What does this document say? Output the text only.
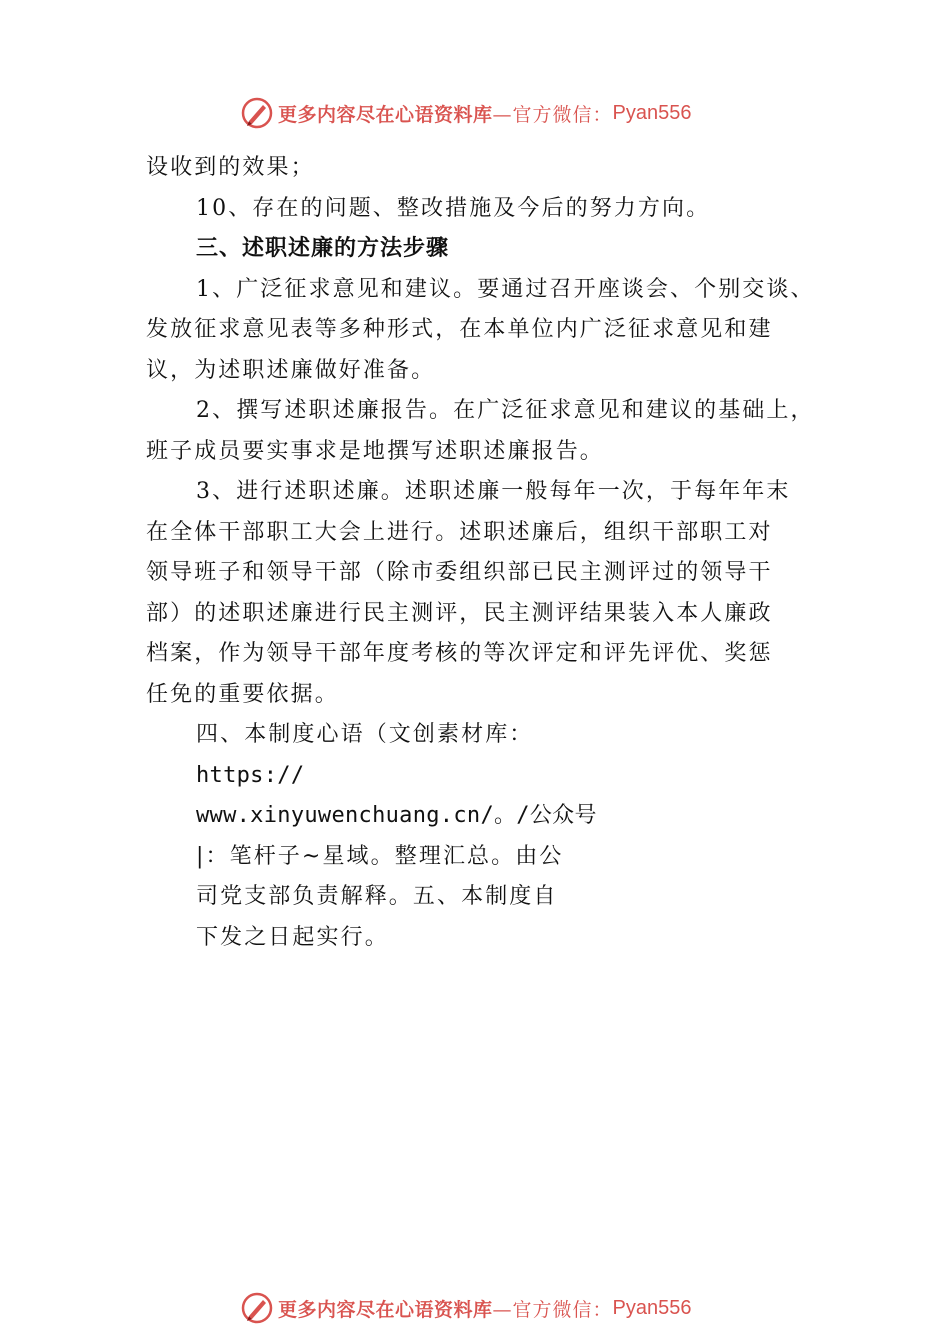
更多内容尽在心语资料库 —官方微信： Pyan556
设收到的效果；
10、存在的问题、整改措施及今后的努力方向。
三、述职述廉的方法步骤
1、广泛征求意见和建议。要通过召开座谈会、个别交谈、
发放征求意见表等多种形式，在本单位内广泛征求意见和建
议，为述职述廉做好准备。
2、撰写述职述廉报告。在广泛征求意见和建议的基础上，
班子成员要实事求是地撰写述职述廉报告。
3、进行述职述廉。述职述廉一般每年一次，于每年年末
在全体干部职工大会上进行。述职述廉后，组织干部职工对
领导班子和领导干部（除市委组织部已民主测评过的领导干
部）的述职述廉进行民主测评，民主测评结果装入本人廉政
档案，作为领导干部年度考核的等次评定和评先评优、奖惩
任免的重要依据。
四、本制度心语（文创素材库：
https://
www.xinyuwenchuang.cn/。/公众号
|：笔杆子~星域。整理汇总。由公
司党支部负责解释。五、本制度自
下发之日起实行。
更多内容尽在心语资料库 —官方微信： Pyan556
